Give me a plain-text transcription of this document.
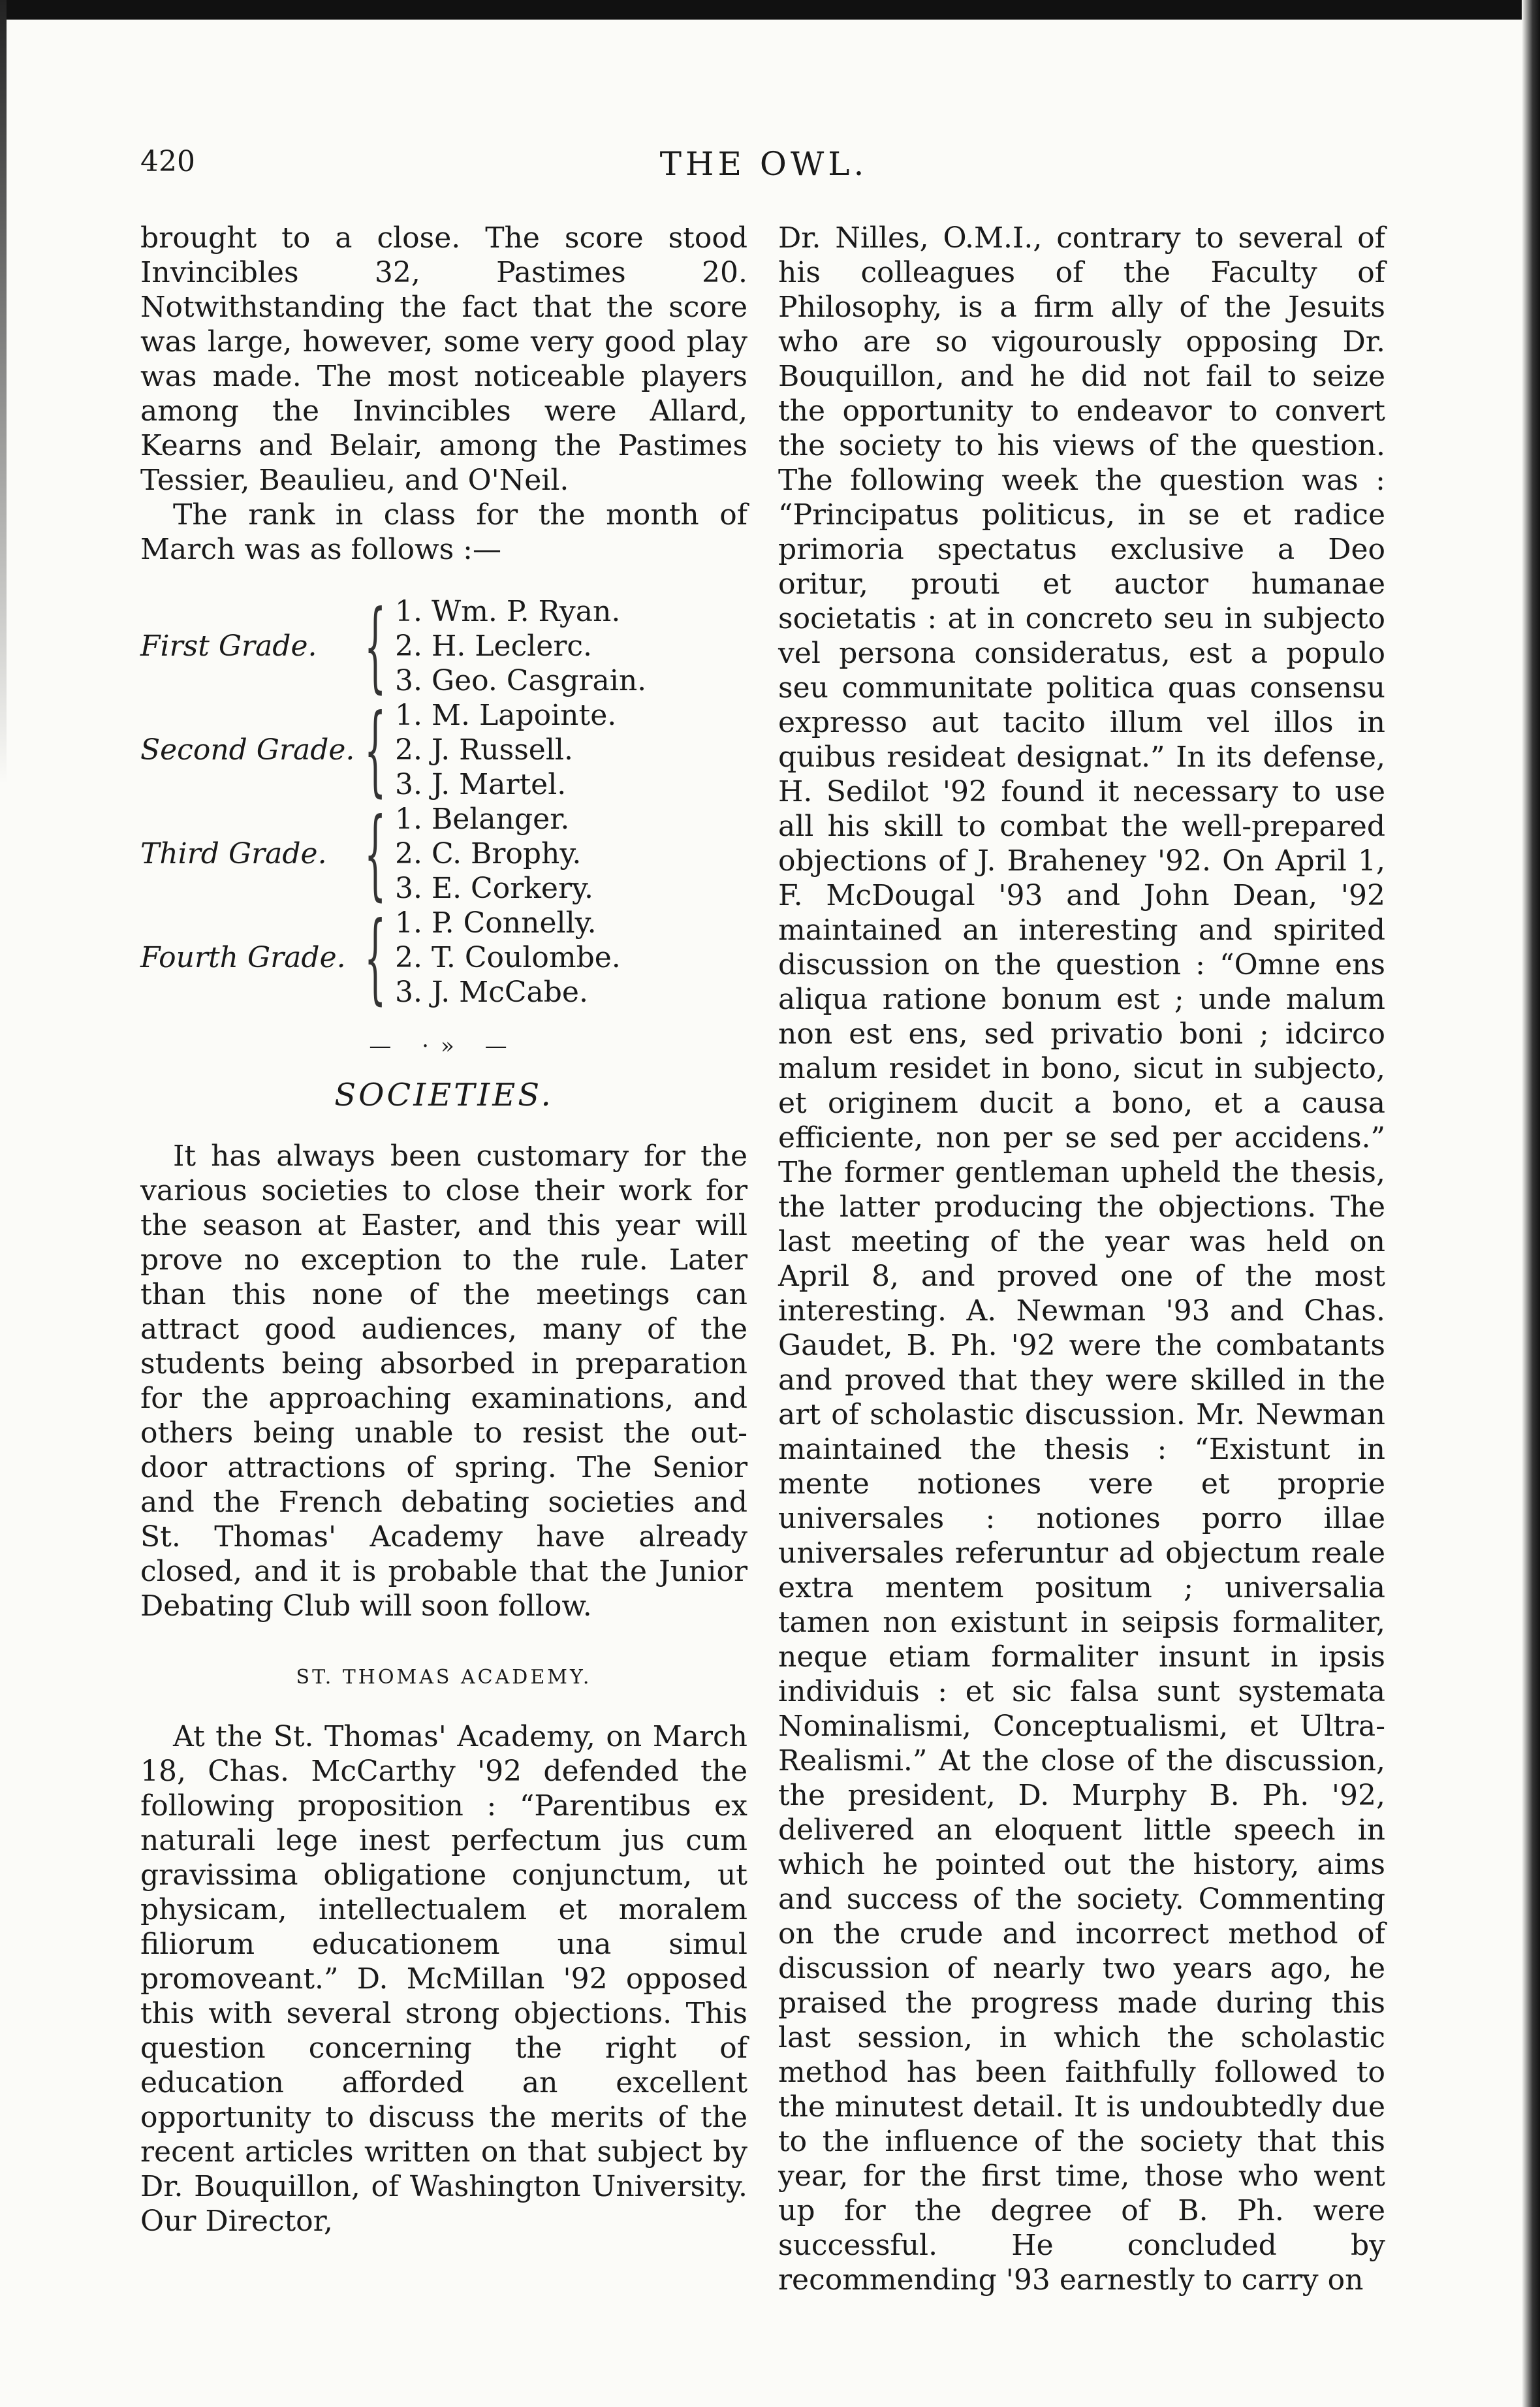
420	THE OWL.

brought to a close. The score stood Invincibles 32, Pastimes 20. Notwithstanding the fact that the score was large, however, some very good play was made. The most noticeable players among the Invincibles were Allard, Kearns and Belair, among the Pastimes Tessier, Beaulieu, and O'Neil.

The rank in class for the month of March was as follows :—

First Grade. { 1. Wm. P. Ryan.
2. H. Leclerc.
3. Geo. Casgrain.
Second Grade. { 1. M. Lapointe.
2. J. Russell.
3. J. Martel.
Third Grade. { 1. Belanger.
2. C. Brophy.
3. E. Corkery.
Fourth Grade. { 1. P. Connelly.
2. T. Coulombe.
3. J. McCabe.
— ·» —
SOCIETIES.

It has always been customary for the various societies to close their work for the season at Easter, and this year will prove no exception to the rule. Later than this none of the meetings can attract good audiences, many of the students being absorbed in preparation for the approaching examinations, and others being unable to resist the out-door attractions of spring. The Senior and the French debating societies and St. Thomas' Academy have already closed, and it is probable that the Junior Debating Club will soon follow.

ST. THOMAS ACADEMY.

At the St. Thomas' Academy, on March 18, Chas. McCarthy '92 defended the following proposition : “Parentibus ex naturali lege inest perfectum jus cum gravissima obligatione conjunctum, ut physicam, intellectualem et moralem filiorum educationem una simul promoveant.” D. McMillan '92 opposed this with several strong objections. This question concerning the right of education afforded an excellent opportunity to discuss the merits of the recent articles written on that subject by Dr. Bouquillon, of Washington University. Our Director,

Dr. Nilles, O.M.I., contrary to several of his colleagues of the Faculty of Philosophy, is a firm ally of the Jesuits who are so vigourously opposing Dr. Bouquillon, and he did not fail to seize the opportunity to endeavor to convert the society to his views of the question. The following week the question was : “Principatus politicus, in se et radice primoria spectatus exclusive a Deo oritur, prouti et auctor humanae societatis : at in concreto seu in subjecto vel persona consideratus, est a populo seu communitate politica quas consensu expresso aut tacito illum vel illos in quibus resideat designat.” In its defense, H. Sedilot '92 found it necessary to use all his skill to combat the well-prepared objections of J. Braheney '92. On April 1, F. McDougal '93 and John Dean, '92 maintained an interesting and spirited discussion on the question : “Omne ens aliqua ratione bonum est ; unde malum non est ens, sed privatio boni ; idcirco malum residet in bono, sicut in subjecto, et originem ducit a bono, et a causa efficiente, non per se sed per accidens.” The former gentleman upheld the thesis, the latter producing the objections. The last meeting of the year was held on April 8, and proved one of the most interesting. A. Newman '93 and Chas. Gaudet, B. Ph. '92 were the combatants and proved that they were skilled in the art of scholastic discussion. Mr. Newman maintained the thesis : “Existunt in mente notiones vere et proprie universales : notiones porro illae universales referuntur ad objectum reale extra mentem positum ; universalia tamen non existunt in seipsis formaliter, neque etiam formaliter insunt in ipsis individuis : et sic falsa sunt systemata Nominalismi, Conceptualismi, et Ultra-Realismi.” At the close of the discussion, the president, D. Murphy B. Ph. '92, delivered an eloquent little speech in which he pointed out the history, aims and success of the society. Commenting on the crude and incorrect method of discussion of nearly two years ago, he praised the progress made during this last session, in which the scholastic method has been faithfully followed to the minutest detail. It is undoubtedly due to the influence of the society that this year, for the first time, those who went up for the degree of B. Ph. were successful. He concluded by recommending '93 earnestly to carry on
